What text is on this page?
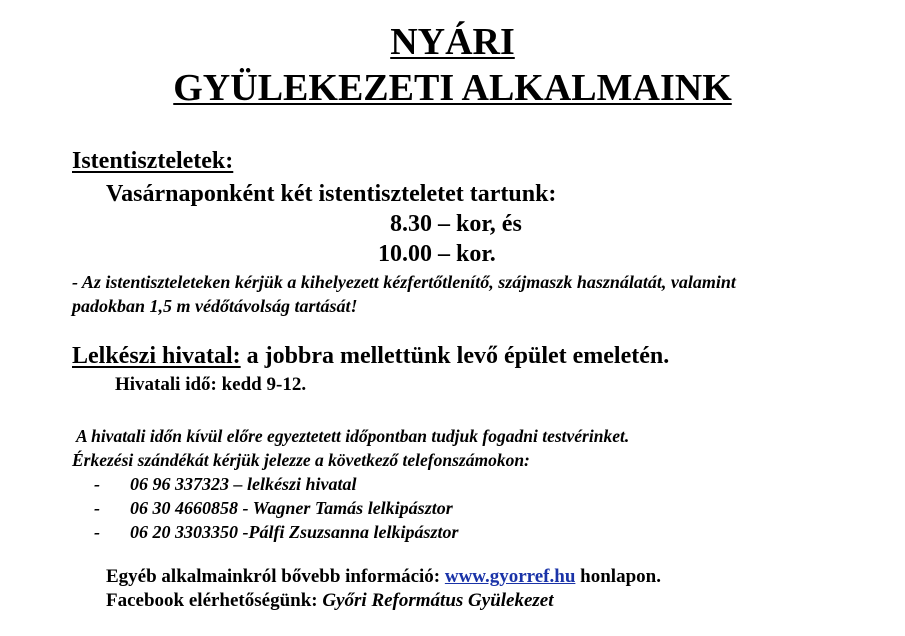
NYÁRI
GYÜLEKEZETI ALKALMAINK
Istentiszteletek:
Vasárnaponként két istentiszteletet tartunk:
8.30 – kor, és
10.00 – kor.
- Az istentiszteleteken kérjük a kihelyezett kézfertőtlenítő, szájmaszk használatát, valamint
padokban 1,5 m védőtávolság tartását!
Lelkészi hivatal: a jobbra mellettünk levő épület emeletén.
Hivatali idő: kedd 9-12.
A hivatali időn kívül előre egyeztetett időpontban tudjuk fogadni testvérinket.
Érkezési szándékát kérjük jelezze a következő telefonszámokon:
- 06 96 337323 – lelkészi hivatal
- 06 30 4660858 - Wagner Tamás lelkipásztor
- 06 20 3303350 -Pálfi Zsuzsanna lelkipásztor
Egyéb alkalmainkról bővebb információ: www.gyorref.hu honlapon.
Facebook elérhetőségünk: Győri Református Gyülekezet
